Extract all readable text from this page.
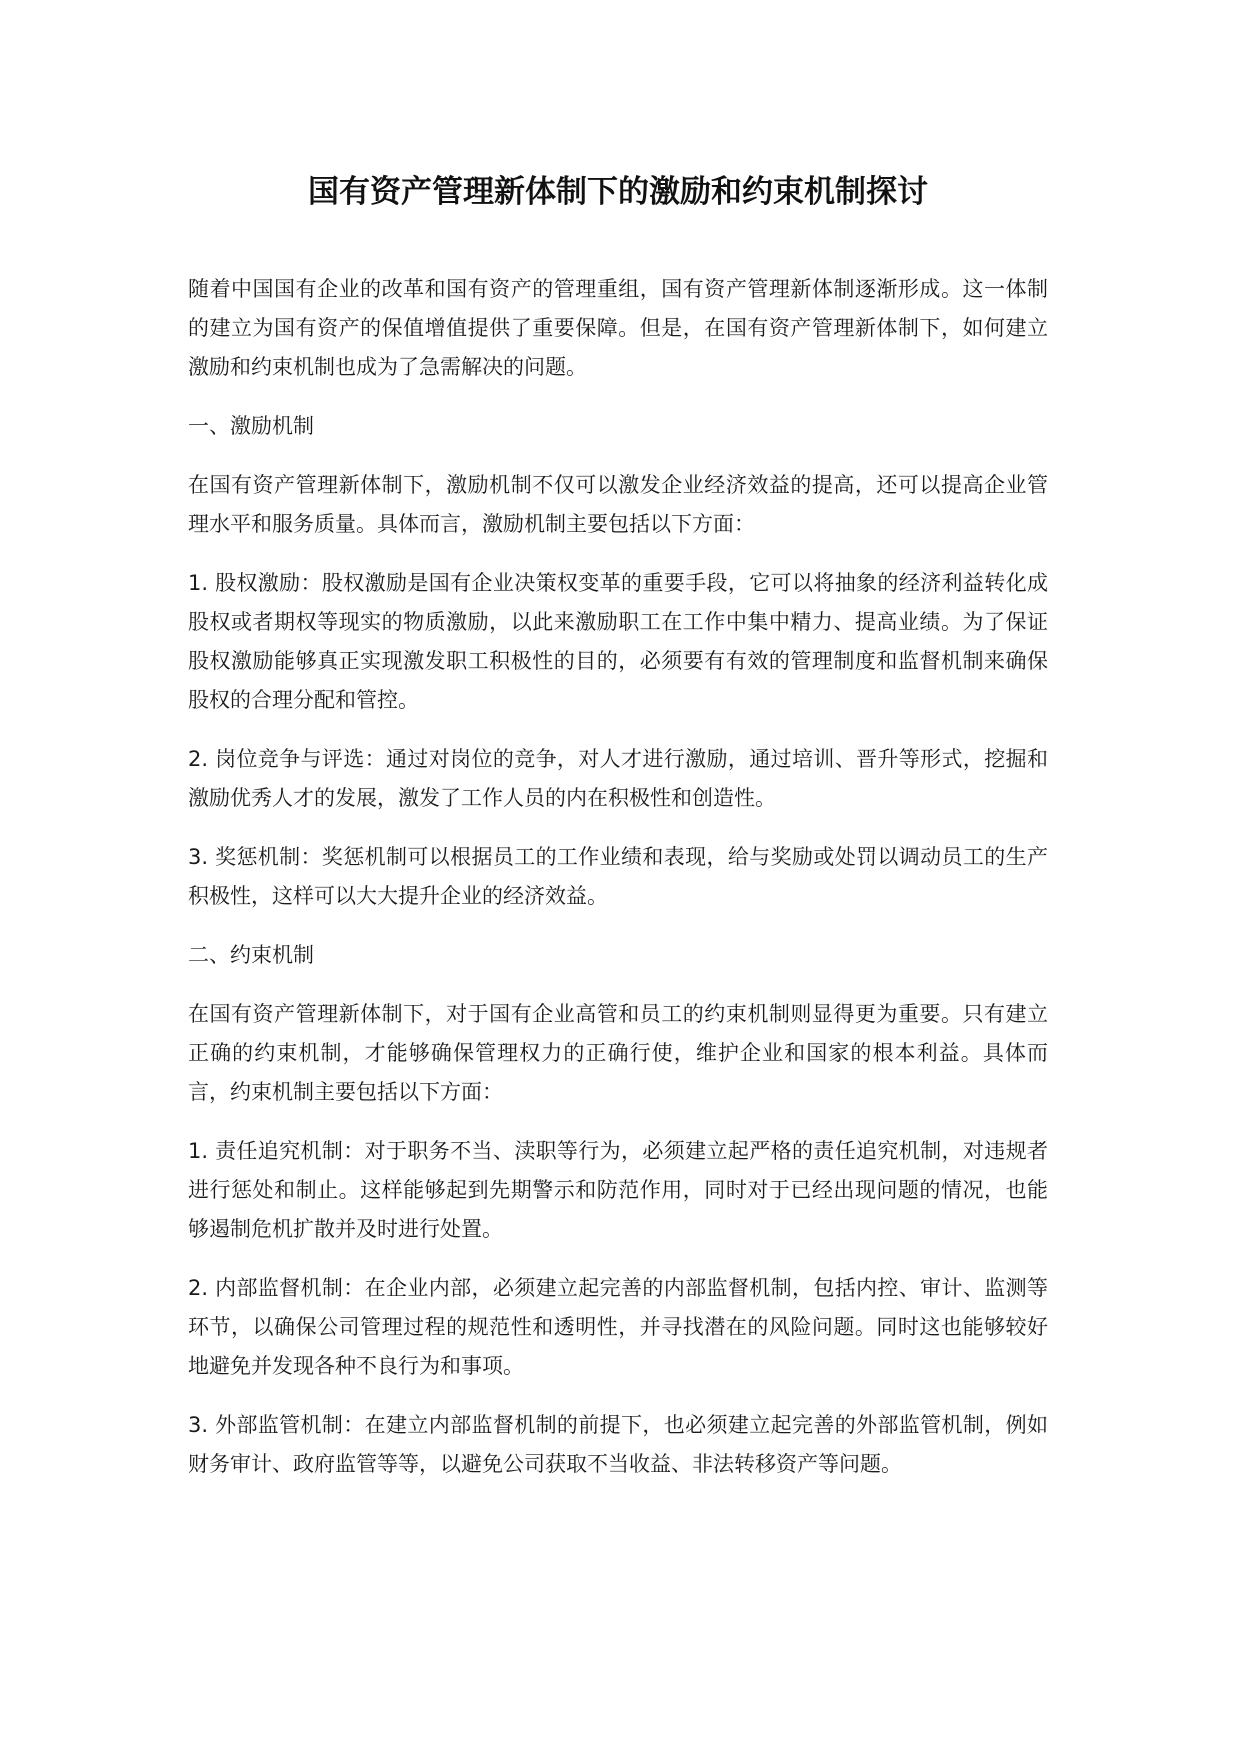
国有资产管理新体制下的激励和约束机制探讨

随着中国国有企业的改革和国有资产的管理重组，国有资产管理新体制逐渐形成。这一体制的建立为国有资产的保值增值提供了重要保障。但是，在国有资产管理新体制下，如何建立激励和约束机制也成为了急需解决的问题。

一、激励机制

在国有资产管理新体制下，激励机制不仅可以激发企业经济效益的提高，还可以提高企业管理水平和服务质量。具体而言，激励机制主要包括以下方面：

1. 股权激励：股权激励是国有企业决策权变革的重要手段，它可以将抽象的经济利益转化成股权或者期权等现实的物质激励，以此来激励职工在工作中集中精力、提高业绩。为了保证股权激励能够真正实现激发职工积极性的目的，必须要有有效的管理制度和监督机制来确保股权的合理分配和管控。

2. 岗位竞争与评选：通过对岗位的竞争，对人才进行激励，通过培训、晋升等形式，挖掘和激励优秀人才的发展，激发了工作人员的内在积极性和创造性。

3. 奖惩机制：奖惩机制可以根据员工的工作业绩和表现，给与奖励或处罚以调动员工的生产积极性，这样可以大大提升企业的经济效益。

二、约束机制

在国有资产管理新体制下，对于国有企业高管和员工的约束机制则显得更为重要。只有建立正确的约束机制，才能够确保管理权力的正确行使，维护企业和国家的根本利益。具体而言，约束机制主要包括以下方面：

1. 责任追究机制：对于职务不当、渎职等行为，必须建立起严格的责任追究机制，对违规者进行惩处和制止。这样能够起到先期警示和防范作用，同时对于已经出现问题的情况，也能够遏制危机扩散并及时进行处置。

2. 内部监督机制：在企业内部，必须建立起完善的内部监督机制，包括内控、审计、监测等环节，以确保公司管理过程的规范性和透明性，并寻找潜在的风险问题。同时这也能够较好地避免并发现各种不良行为和事项。

3. 外部监管机制：在建立内部监督机制的前提下，也必须建立起完善的外部监管机制，例如财务审计、政府监管等等，以避免公司获取不当收益、非法转移资产等问题。
